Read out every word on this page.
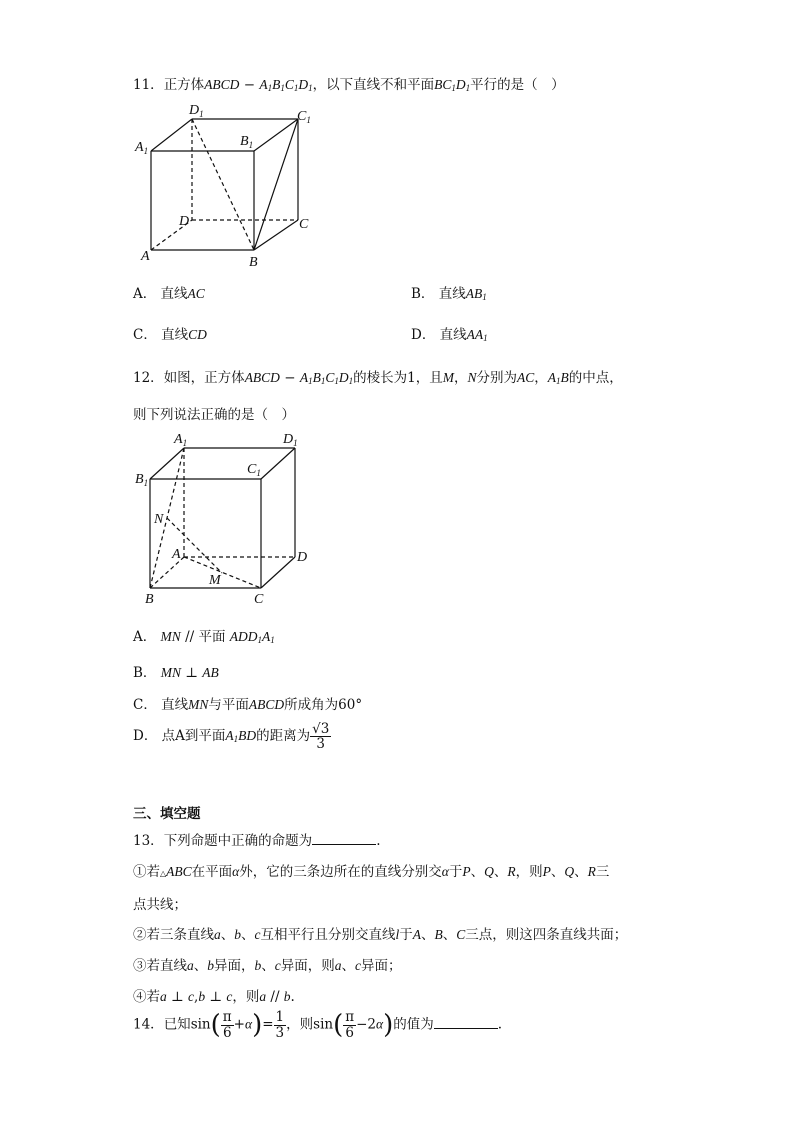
11．正方体ABCD − $A_1B_1C_1D_1$，以下直线不和平面$BC_1D_1$平行的是（　）
$D_1$	$C_1$
$A_1$
$B_1$
D	C
A	B
A． 直线AC	B． 直线$AB_1$
C． 直线CD	D． 直线$AA_1$
12．如图，正方体ABCD − $A_1B_1C_1D_1$的棱长为1，且M，N分别为AC，$A_1B$的中点，
则下列说法正确的是（　）
$A_1$	$D_1$
$B_1$
$C_1$
N
A	D
M
B	C
A． MN // 平面 $ADD_1A_1$
B． MN ⊥ AB
C． 直线MN与平面ABCD所成角为60°
D． 点A到平面$A_1BD$的距离为 $\frac{√3}{3}$
三、填空题
13．下列命题中正确的命题为	.
①若△ABC在平面α外，它的三条边所在的直线分别交α于P、Q、R，则P、Q、R三
点共线；
②若三条直线a、b、c互相平行且分别交直线l于A、B、C三点，则这四条直线共面；
③若直线a、b异面，b、c异面，则a、c异面；
④若a ⊥ c,b ⊥ c，则a // b.
14．已知$\sin( \frac{\pi}{6} +\alpha)= \frac{1}{3}$ ，则$\sin( \frac{\pi}{6} -2\alpha)$的值为	.
